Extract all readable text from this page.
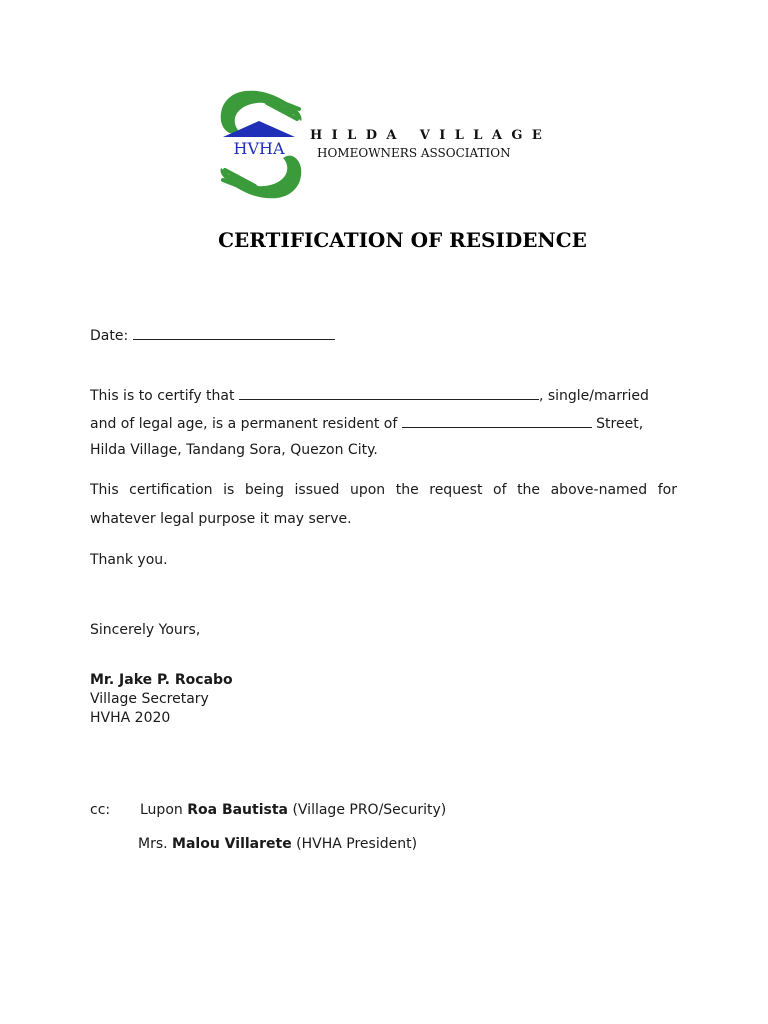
HVHA
HILDA VILLAGE
HOMEOWNERS ASSOCIATION
CERTIFICATION OF RESIDENCE
Date:
This is to certify that	, single/married
and of legal age, is a permanent resident of	Street,
Hilda Village, Tandang Sora, Quezon City.
This certification is being issued upon the request of the above-named for
whatever legal purpose it may serve.
Thank you.
Sincerely Yours,
Mr. Jake P. Rocabo
Village Secretary
HVHA 2020
cc: Lupon Roa Bautista (Village PRO/Security)
Mrs. Malou Villarete (HVHA President)
